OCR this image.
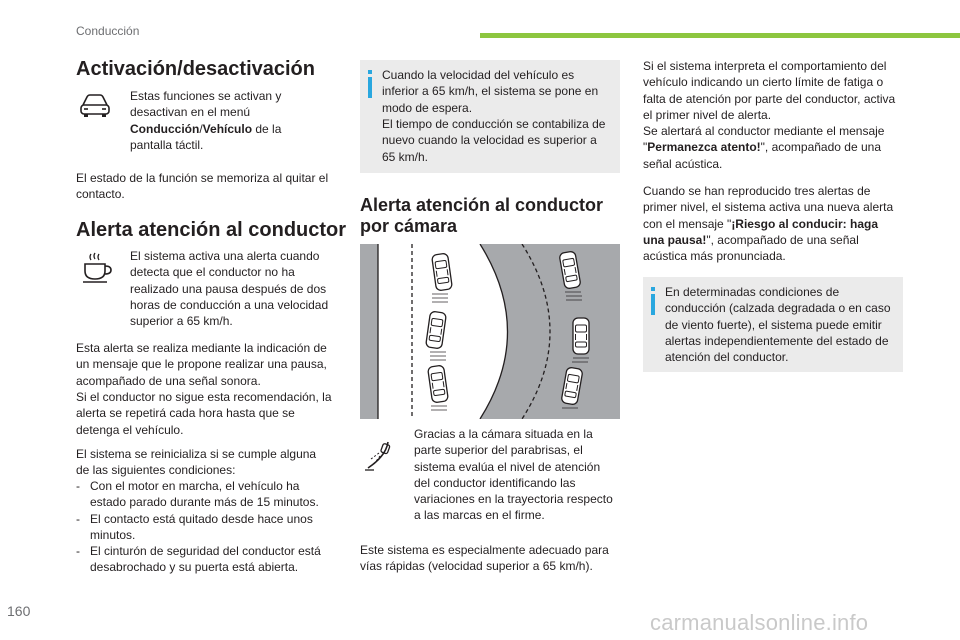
Conducción
Activación/desactivación
Estas funciones se activan y desactivan en el menú Conducción/Vehículo de la pantalla táctil.
El estado de la función se memoriza al quitar el contacto.
Alerta atención al conductor
El sistema activa una alerta cuando detecta que el conductor no ha realizado una pausa después de dos horas de conducción a una velocidad superior a 65 km/h.
Esta alerta se realiza mediante la indicación de un mensaje que le propone realizar una pausa, acompañado de una señal sonora.
Si el conductor no sigue esta recomendación, la alerta se repetirá cada hora hasta que se detenga el vehículo.
El sistema se reinicializa si se cumple alguna de las siguientes condiciones:
- Con el motor en marcha, el vehículo ha estado parado durante más de 15 minutos.
- El contacto está quitado desde hace unos minutos.
- El cinturón de seguridad del conductor está desabrochado y su puerta está abierta.
Cuando la velocidad del vehículo es inferior a 65 km/h, el sistema se pone en modo de espera.
El tiempo de conducción se contabiliza de nuevo cuando la velocidad es superior a 65 km/h.
Alerta atención al conductor por cámara
Gracias a la cámara situada en la parte superior del parabrisas, el sistema evalúa el nivel de atención del conductor identificando las variaciones en la trayectoria respecto a las marcas en el firme.
Este sistema es especialmente adecuado para vías rápidas (velocidad superior a 65 km/h).
Si el sistema interpreta el comportamiento del vehículo indicando un cierto límite de fatiga o falta de atención por parte del conductor, activa el primer nivel de alerta.
Se alertará al conductor mediante el mensaje "Permanezca atento!", acompañado de una señal acústica.
Cuando se han reproducido tres alertas de primer nivel, el sistema activa una nueva alerta con el mensaje "¡Riesgo al conducir: haga una pausa!", acompañado de una señal acústica más pronunciada.
En determinadas condiciones de conducción (calzada degradada o en caso de viento fuerte), el sistema puede emitir alertas independientemente del estado de atención del conductor.
160	carmanualsonline.info
